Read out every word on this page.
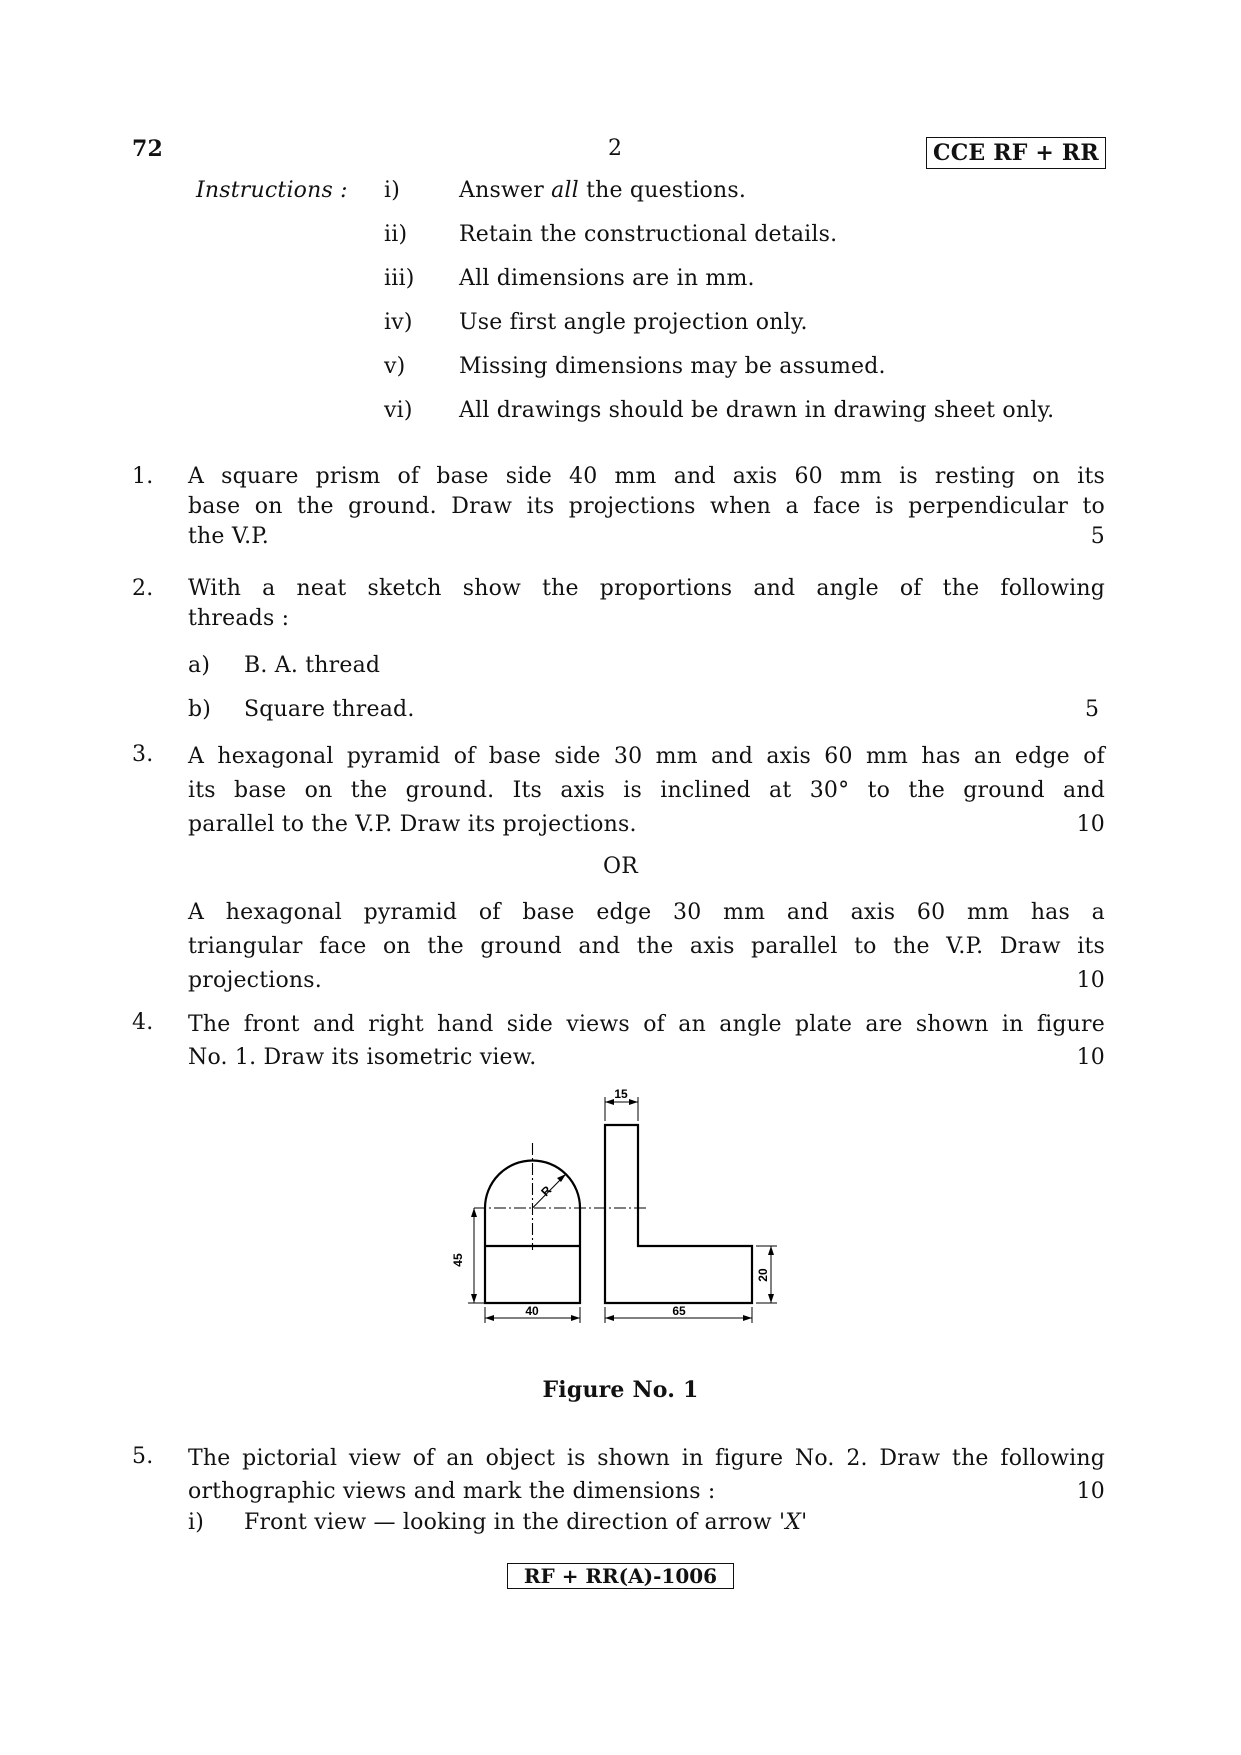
72	2	CCE RF + RR
Instructions : i)	Answer all the questions.
ii) Retain the constructional details.
iii) All dimensions are in mm.
iv) Use first angle projection only.
v) Missing dimensions may be assumed.
vi) All drawings should be drawn in drawing sheet only.
1. A square prism of base side 40 mm and axis 60 mm is resting on its
base on the ground. Draw its projections when a face is perpendicular to
the V.P.	5
2. With a neat sketch show the proportions and angle of the following
threads :
a) B. A. thread
b) Square thread.	5
3. A hexagonal pyramid of base side 30 mm and axis 60 mm has an edge of
its base on the ground. Its axis is inclined at 30° to the ground and
parallel to the V.P. Draw its projections.	10
OR
A hexagonal pyramid of base edge 30 mm and axis 60 mm has a
triangular face on the ground and the axis parallel to the V.P. Draw its
projections.	10
4. The front and right hand side views of an angle plate are shown in figure
No. 1. Draw its isometric view.	10
R
45
40
15
65
20
Figure No. 1
5. The pictorial view of an object is shown in figure No. 2. Draw the following
orthographic views and mark the dimensions :	10
i) Front view — looking in the direction of arrow 'X'
RF + RR(A)-1006
